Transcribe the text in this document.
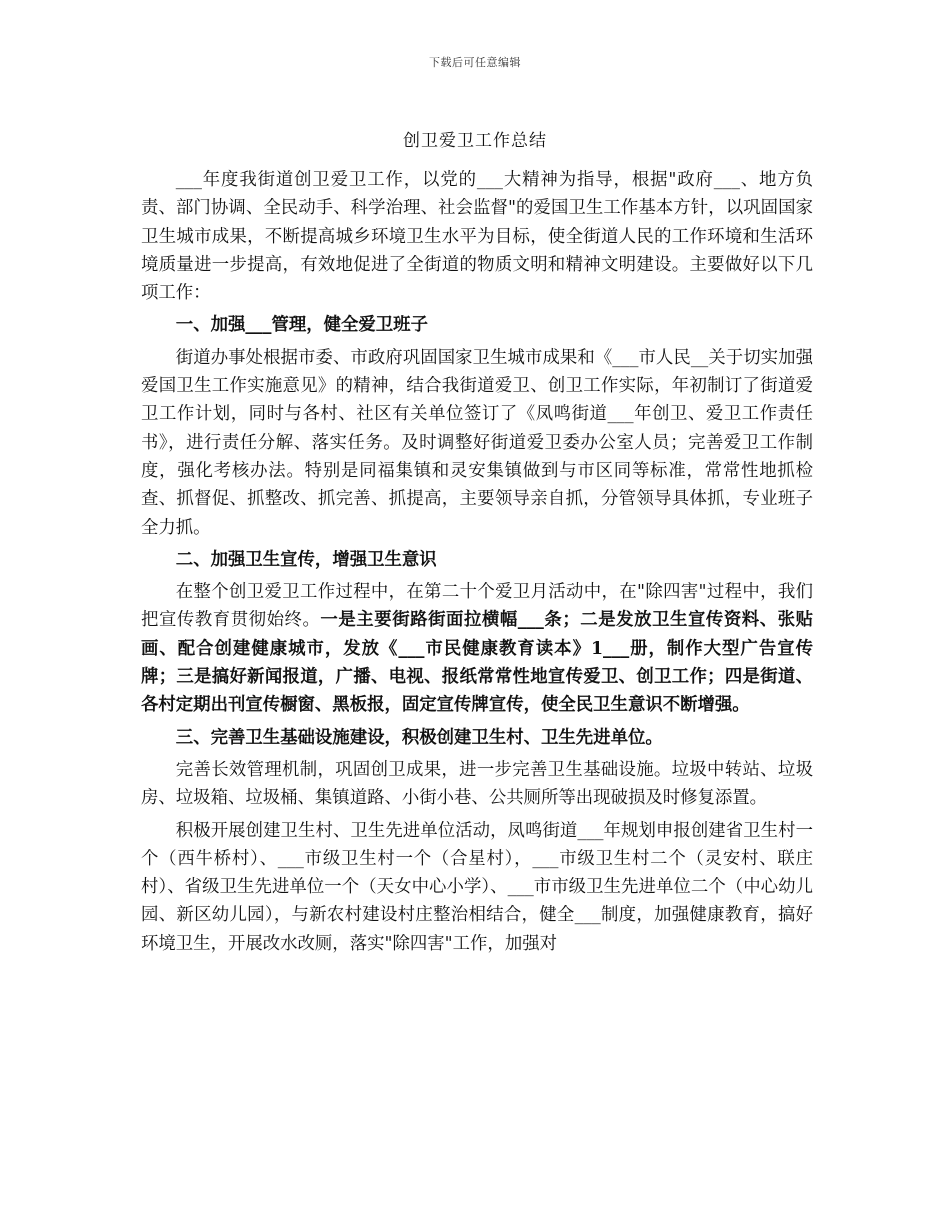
下载后可任意编辑
创卫爱卫工作总结

___年度我街道创卫爱卫工作，以党的___大精神为指导，根据"政府___、地方负责、部门协调、全民动手、科学治理、社会监督"的爱国卫生工作基本方针，以巩固国家卫生城市成果，不断提高城乡环境卫生水平为目标，使全街道人民的工作环境和生活环境质量进一步提高，有效地促进了全街道的物质文明和精神文明建设。主要做好以下几项工作：

一、加强___管理，健全爱卫班子

街道办事处根据市委、市政府巩固国家卫生城市成果和《___市人民__关于切实加强爱国卫生工作实施意见》的精神，结合我街道爱卫、创卫工作实际，年初制订了街道爱卫工作计划，同时与各村、社区有关单位签订了《凤鸣街道___年创卫、爱卫工作责任书》，进行责任分解、落实任务。及时调整好街道爱卫委办公室人员；完善爱卫工作制度，强化考核办法。特别是同福集镇和灵安集镇做到与市区同等标准，常常性地抓检查、抓督促、抓整改、抓完善、抓提高，主要领导亲自抓，分管领导具体抓，专业班子全力抓。

二、加强卫生宣传，增强卫生意识

在整个创卫爱卫工作过程中，在第二十个爱卫月活动中，在"除四害"过程中，我们把宣传教育贯彻始终。一是主要街路街面拉横幅___条；二是发放卫生宣传资料、张贴画、配合创建健康城市，发放《___市民健康教育读本》1___册，制作大型广告宣传牌；三是搞好新闻报道，广播、电视、报纸常常性地宣传爱卫、创卫工作；四是街道、各村定期出刊宣传橱窗、黑板报，固定宣传牌宣传，使全民卫生意识不断增强。

三、完善卫生基础设施建设，积极创建卫生村、卫生先进单位。

完善长效管理机制，巩固创卫成果，进一步完善卫生基础设施。垃圾中转站、垃圾房、垃圾箱、垃圾桶、集镇道路、小街小巷、公共厕所等出现破损及时修复添置。

积极开展创建卫生村、卫生先进单位活动，凤鸣街道___年规划申报创建省卫生村一个（西牛桥村）、___市级卫生村一个（合星村），___市级卫生村二个（灵安村、联庄村）、省级卫生先进单位一个（天女中心小学）、___市市级卫生先进单位二个（中心幼儿园、新区幼儿园），与新农村建设村庄整治相结合，健全___制度，加强健康教育，搞好环境卫生，开展改水改厕，落实"除四害"工作，加强对
